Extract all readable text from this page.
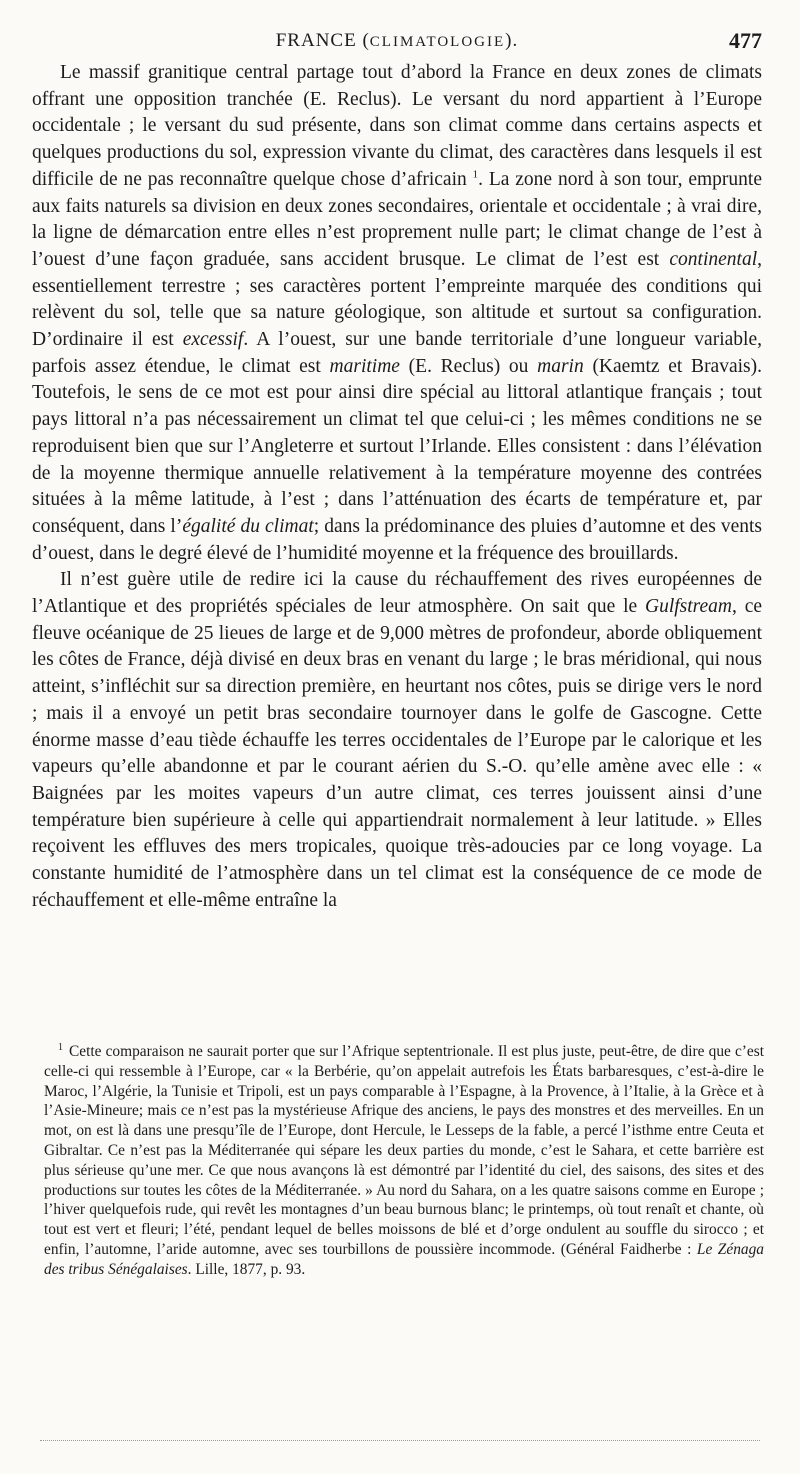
FRANCE (CLIMATOLOGIE).	477

Le massif granitique central partage tout d’abord la France en deux zones de climats offrant une opposition tranchée (E. Reclus). Le versant du nord appartient à l’Europe occidentale ; le versant du sud présente, dans son climat comme dans certains aspects et quelques productions du sol, expression vivante du climat, des caractères dans lesquels il est difficile de ne pas reconnaître quelque chose d’africain $^1$. La zone nord à son tour, emprunte aux faits naturels sa division en deux zones secondaires, orientale et occidentale ; à vrai dire, la ligne de démarcation entre elles n’est proprement nulle part; le climat change de l’est à l’ouest d’une façon graduée, sans accident brusque. Le climat de l’est est continental, essentiellement terrestre ; ses caractères portent l’empreinte marquée des conditions qui relèvent du sol, telle que sa nature géologique, son altitude et surtout sa configuration. D’ordinaire il est excessif. A l’ouest, sur une bande territoriale d’une longueur variable, parfois assez étendue, le climat est maritime (E. Reclus) ou marin (Kaemtz et Bravais). Toutefois, le sens de ce mot est pour ainsi dire spécial au littoral atlantique français ; tout pays littoral n’a pas nécessairement un climat tel que celui-ci ; les mêmes conditions ne se reproduisent bien que sur l’Angleterre et surtout l’Irlande. Elles consistent : dans l’élévation de la moyenne thermique annuelle relativement à la température moyenne des contrées situées à la même latitude, à l’est ; dans l’atténuation des écarts de température et, par conséquent, dans l’égalité du climat; dans la prédominance des pluies d’automne et des vents d’ouest, dans le degré élevé de l’humidité moyenne et la fréquence des brouillards.

Il n’est guère utile de redire ici la cause du réchauffement des rives européennes de l’Atlantique et des propriétés spéciales de leur atmosphère. On sait que le Gulfstream, ce fleuve océanique de 25 lieues de large et de 9,000 mètres de profondeur, aborde obliquement les côtes de France, déjà divisé en deux bras en venant du large ; le bras méridional, qui nous atteint, s’infléchit sur sa direction première, en heurtant nos côtes, puis se dirige vers le nord ; mais il a envoyé un petit bras secondaire tournoyer dans le golfe de Gascogne. Cette énorme masse d’eau tiède échauffe les terres occidentales de l’Europe par le calorique et les vapeurs qu’elle abandonne et par le courant aérien du S.-O. qu’elle amène avec elle : « Baignées par les moites vapeurs d’un autre climat, ces terres jouissent ainsi d’une température bien supérieure à celle qui appartiendrait normalement à leur latitude. » Elles reçoivent les effluves des mers tropicales, quoique très-adoucies par ce long voyage. La constante humidité de l’atmosphère dans un tel climat est la conséquence de ce mode de réchauffement et elle-même entraîne la

$^1$ Cette comparaison ne saurait porter que sur l’Afrique septentrionale. Il est plus juste, peut-être, de dire que c’est celle-ci qui ressemble à l’Europe, car « la Berbérie, qu’on appelait autrefois les États barbaresques, c’est-à-dire le Maroc, l’Algérie, la Tunisie et Tripoli, est un pays comparable à l’Espagne, à la Provence, à l’Italie, à la Grèce et à l’Asie-Mineure; mais ce n’est pas la mystérieuse Afrique des anciens, le pays des monstres et des merveilles. En un mot, on est là dans une presqu’île de l’Europe, dont Hercule, le Lesseps de la fable, a percé l’isthme entre Ceuta et Gibraltar. Ce n’est pas la Méditerranée qui sépare les deux parties du monde, c’est le Sahara, et cette barrière est plus sérieuse qu’une mer. Ce que nous avançons là est démontré par l’identité du ciel, des saisons, des sites et des productions sur toutes les côtes de la Méditerranée. » Au nord du Sahara, on a les quatre saisons comme en Europe ; l’hiver quelquefois rude, qui revêt les montagnes d’un beau burnous blanc; le printemps, où tout renaît et chante, où tout est vert et fleuri; l’été, pendant lequel de belles moissons de blé et d’orge ondulent au souffle du sirocco ; et enfin, l’automne, l’aride automne, avec ses tourbillons de poussière incommode. (Général Faidherbe : Le Zénaga des tribus Sénégalaises. Lille, 1877, p. 93.
